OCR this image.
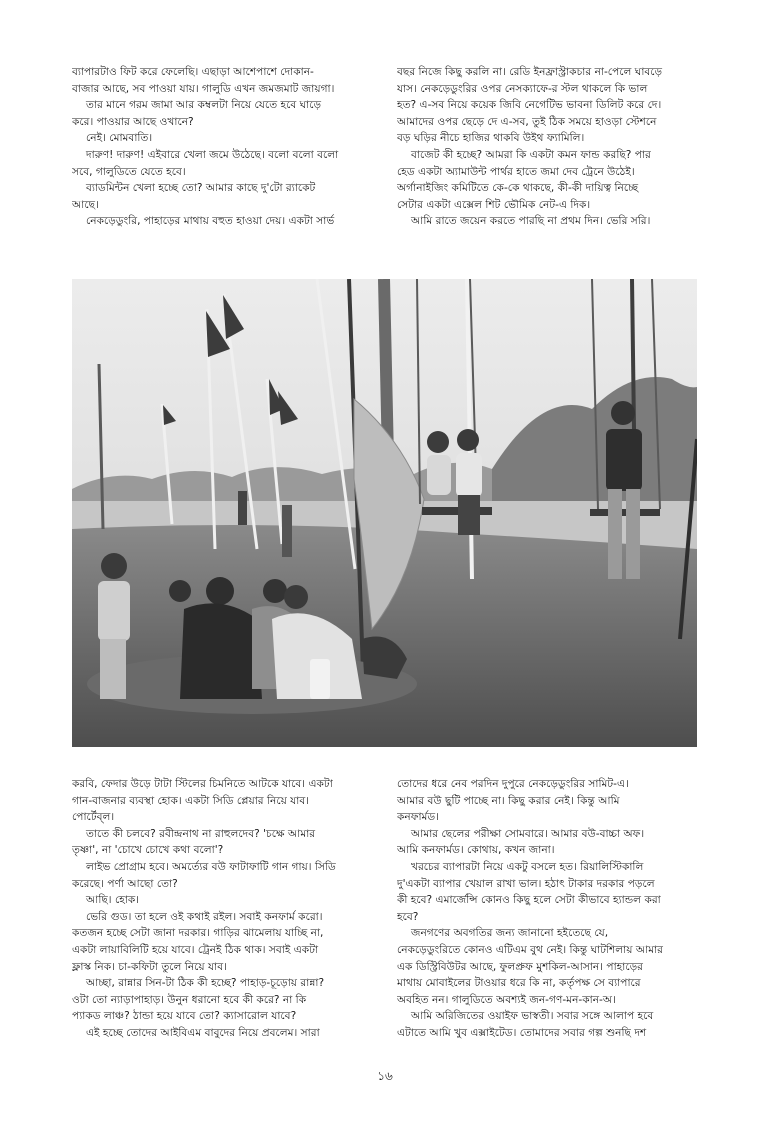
ব্যাপারটাও ফিট করে ফেলেছি। এছাড়া আশেপাশে দোকান-

বাজার আছে, সব পাওয়া যায়। গালুডি এখন জমজমাট জায়গা।

তার মানে গরম জামা আর কম্বলটা নিয়ে যেতে হবে ঘাড়ে

করে। পাওয়ার আছে ওখানে?

নেই। মোমবাতি।

দারুণ! দারুণ! এইবারে খেলা জমে উঠেছে। বলো বলো বলো

সবে, গালুডিতে যেতে হবে।

ব্যাডমিন্টন খেলা হচ্ছে তো? আমার কাছে দু'টো র‍্যাকেট

আছে।

নেকড়েডুংরি, পাহাড়ের মাথায় বহুত হাওয়া দেয়। একটা সার্ভ

বছর নিজে কিছু করলি না। রেডি ইনফ্রাস্ট্রাকচার না-পেলে ঘাবড়ে

যাস। নেকড়েডুংরির ওপর নেসক্যাফে-র স্টল থাকলে কি ভাল

হত? এ-সব নিয়ে কয়েক জিবি নেগেটিভ ভাবনা ডিলিট করে দে।

আমাদের ওপর ছেড়ে দে এ-সব, তুই ঠিক সময়ে হাওড়া স্টেশনে

বড় ঘড়ির নীচে হাজির থাকবি উইথ ফ্যামিলি।

বাজেট কী হচ্ছে? আমরা কি একটা কমন ফান্ড করছি? পার

হেড একটা অ্যামাউন্ট পার্থর হাতে জমা দেব ট্রেনে উঠেই।

অর্গানাইজিং কমিটিতে কে-কে থাকছে, কী-কী দায়িত্ব নিচ্ছে

সেটার একটা এক্সেল শিট ভৌমিক নেট-এ দিক।

আমি রাতে জয়েন করতে পারছি না প্রথম দিন। ভেরি সরি।

করবি, ফেদার উড়ে টাটা স্টিলের চিমনিতে আটকে যাবে। একটা

গান-বাজনার ব্যবস্থা হোক। একটা সিডি প্লেয়ার নিয়ে যাব।

পোর্টেব্‌ল।

তাতে কী চলবে? রবীন্দ্রনাথ না রাহুলদেব? 'চক্ষে আমার

তৃষ্ণা', না 'চোখে চোখে কথা বলো'?

লাইভ প্রোগ্রাম হবে। অমর্ত্যের বউ ফাটাফাটি গান গায়। সিডি

করেছে। পর্ণা আছো তো?

আছি। হোক।

ভেরি গুড। তা হলে ওই কথাই রইল। সবাই কনফার্ম করো।

কতজন হচ্ছে সেটা জানা দরকার। গাড়ির ঝামেলায় যাচ্ছি না,

একটা লায়াবিলিটি হয়ে যাবে। ট্রেনই ঠিক থাক। সবাই একটা

ফ্লাস্ক নিক। চা-কফিটা তুলে নিয়ে যাব।

আচ্ছা, রান্নার সিন-টা ঠিক কী হচ্ছে? পাহাড়-চূড়োয় রান্না?

ওটা তো ন্যাড়াপাহাড়। উনুন ধরানো হবে কী করে? না কি

প্যাকড লাঞ্চ? ঠান্ডা হয়ে যাবে তো? ক্যাসারোল যাবে?

এই হচ্ছে তোদের আইবিএম বাবুদের নিয়ে প্রবলেম। সারা

তোদের ধরে নেব পরদিন দুপুরে নেকড়েডুংরির সামিট-এ।

আমার বউ ছুটি পাচ্ছে না। কিছু করার নেই। কিন্তু আমি

কনফার্মড।

আমার ছেলের পরীক্ষা সোমবারে। আমার বউ-বাচ্চা অফ।

আমি কনফার্মড। কোথায়, কখন জানা।

খরচের ব্যাপারটা নিয়ে একটু বসলে হত। রিয়ালিস্টিকালি

দু'একটা ব্যাপার খেয়াল রাখা ভাল। হঠাৎ টাকার দরকার পড়লে

কী হবে? এমার্জেন্সি কোনও কিছু হলে সেটা কীভাবে হ্যান্ডল করা

হবে?

জনগণের অবগতির জন্য জানানো হইতেছে যে,

নেকড়েডুংরিতে কোনও এটিএম বুথ নেই। কিন্তু ঘাটশিলায় আমার

এক ডিস্ট্রিবিউটর আছে, ফুলপ্রুফ মুশকিল-আসান। পাহাড়ের

মাথায় মোবাইলের টাওয়ার ধরে কি না, কর্তৃপক্ষ সে ব্যাপারে

অবহিত নন। গালুডিতে অবশ্যই জন-গণ-মন-কান-অ।

আমি অরিজিতের ওয়াইফ ভাস্বতী। সবার সঙ্গে আলাপ হবে

এটাতে আমি খুব এক্সাইটেড। তোমাদের সবার গল্প শুনছি দশ

১৬
